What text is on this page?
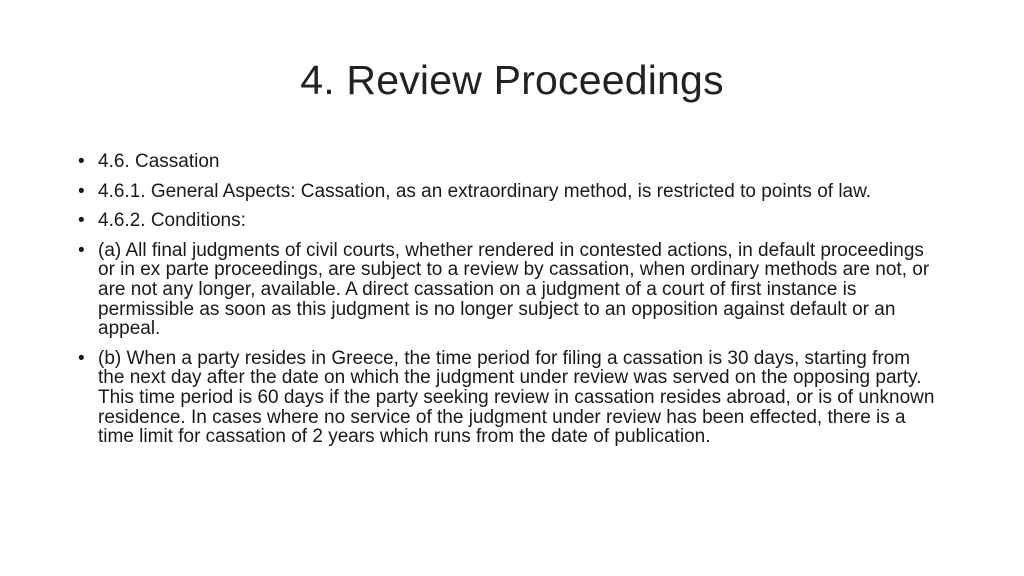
4. Review Proceedings
• 4.6. Cassation
• 4.6.1. General Aspects: Cassation, as an extraordinary method, is restricted to points of law.
• 4.6.2. Conditions:
• (a) All final judgments of civil courts, whether rendered in contested actions, in default proceedings or in ex parte proceedings, are subject to a review by cassation, when ordinary methods are not, or are not any longer, available. A direct cassation on a judgment of a court of first instance is permissible as soon as this judgment is no longer subject to an opposition against default or an appeal.
• (b) When a party resides in Greece, the time period for filing a cassation is 30 days, starting from the next day after the date on which the judgment under review was served on the opposing party. This time period is 60 days if the party seeking review in cassation resides abroad, or is of unknown residence. In cases where no service of the judgment under review has been effected, there is a time limit for cassation of 2 years which runs from the date of publication.
